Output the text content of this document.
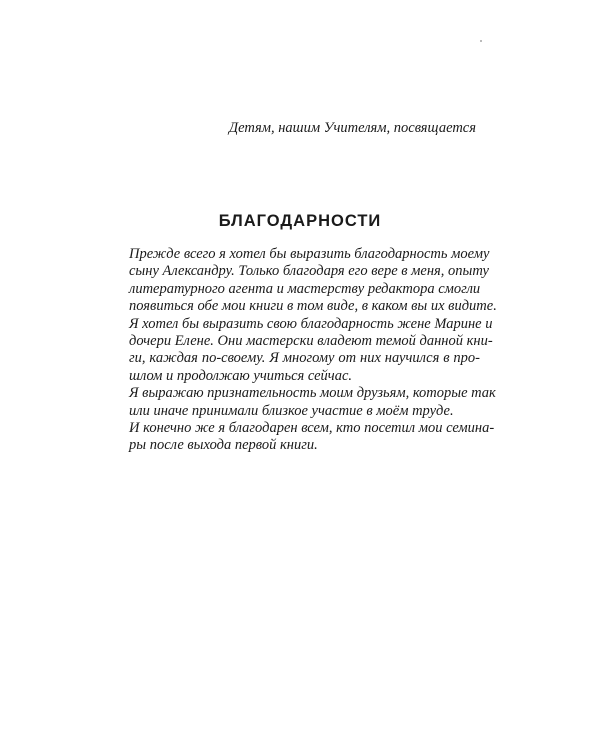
Детям, нашим Учителям, посвящается

БЛАГОДАРНОСТИ
Прежде всего я хотел бы выразить благодарность моему
сыну Александру. Только благодаря его вере в меня, опыту
литературного агента и мастерству редактора смогли
появиться обе мои книги в том виде, в каком вы их видите.
Я хотел бы выразить свою благодарность жене Марине и
дочери Елене. Они мастерски владеют темой данной кни-
ги, каждая по-своему. Я многому от них научился в про-
шлом и продолжаю учиться сейчас.
Я выражаю признательность моим друзьям, которые так
или иначе принимали близкое участие в моём труде.
И конечно же я благодарен всем, кто посетил мои семина-
ры после выхода первой книги.
